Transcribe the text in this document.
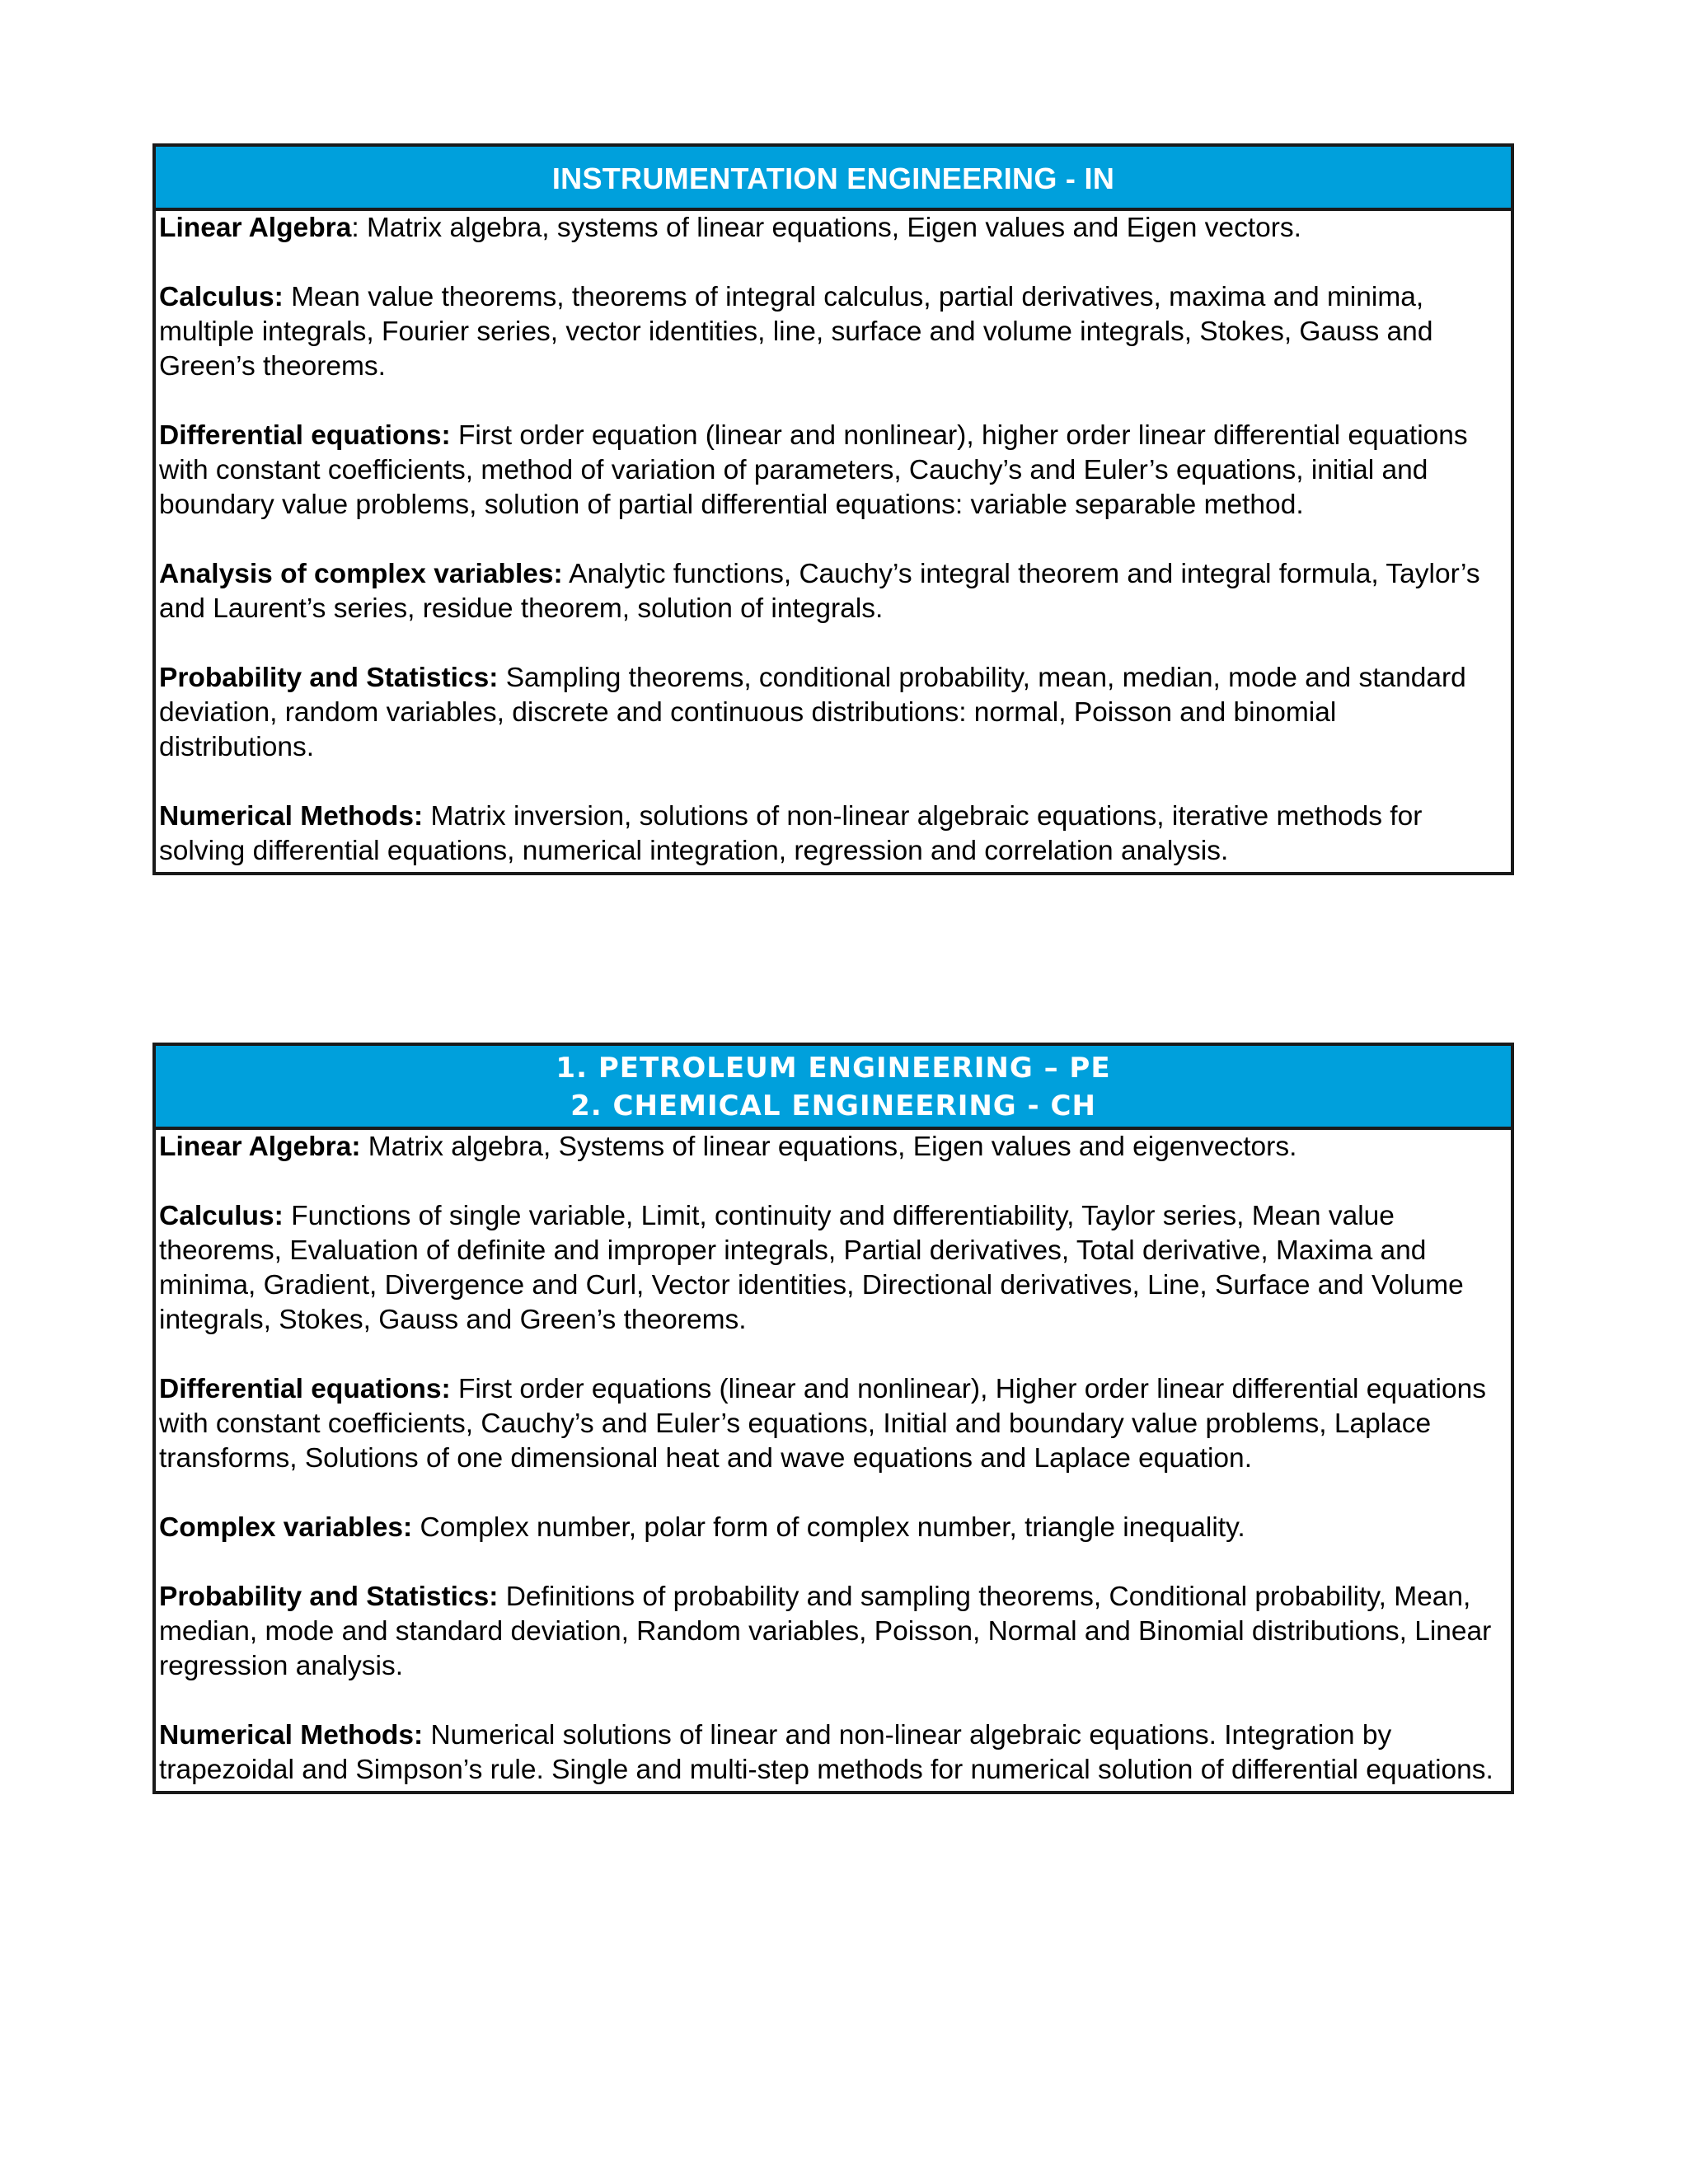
INSTRUMENTATION ENGINEERING - IN

Linear Algebra: Matrix algebra, systems of linear equations, Eigen values and Eigen vectors.

Calculus: Mean value theorems, theorems of integral calculus, partial derivatives, maxima and minima, multiple integrals, Fourier series, vector identities, line, surface and volume integrals, Stokes, Gauss and Green’s theorems.

Differential equations: First order equation (linear and nonlinear), higher order linear differential equations with constant coefficients, method of variation of parameters, Cauchy’s and Euler’s equations, initial and boundary value problems, solution of partial differential equations: variable separable method.

Analysis of complex variables: Analytic functions, Cauchy’s integral theorem and integral formula, Taylor’s and Laurent’s series, residue theorem, solution of integrals.

Probability and Statistics: Sampling theorems, conditional probability, mean, median, mode and standard deviation, random variables, discrete and continuous distributions: normal, Poisson and binomial distributions.

Numerical Methods: Matrix inversion, solutions of non-linear algebraic equations, iterative methods for solving differential equations, numerical integration, regression and correlation analysis.

1. PETROLEUM ENGINEERING – PE
2. CHEMICAL ENGINEERING - CH

Linear Algebra: Matrix algebra, Systems of linear equations, Eigen values and eigenvectors.

Calculus: Functions of single variable, Limit, continuity and differentiability, Taylor series, Mean value theorems, Evaluation of definite and improper integrals, Partial derivatives, Total derivative, Maxima and minima, Gradient, Divergence and Curl, Vector identities, Directional derivatives, Line, Surface and Volume integrals, Stokes, Gauss and Green’s theorems.

Differential equations: First order equations (linear and nonlinear), Higher order linear differential equations with constant coefficients, Cauchy’s and Euler’s equations, Initial and boundary value problems, Laplace transforms, Solutions of one dimensional heat and wave equations and Laplace equation.

Complex variables: Complex number, polar form of complex number, triangle inequality.

Probability and Statistics: Definitions of probability and sampling theorems, Conditional probability, Mean, median, mode and standard deviation, Random variables, Poisson, Normal and Binomial distributions, Linear regression analysis.

Numerical Methods: Numerical solutions of linear and non-linear algebraic equations. Integration by trapezoidal and Simpson’s rule. Single and multi-step methods for numerical solution of differential equations.
